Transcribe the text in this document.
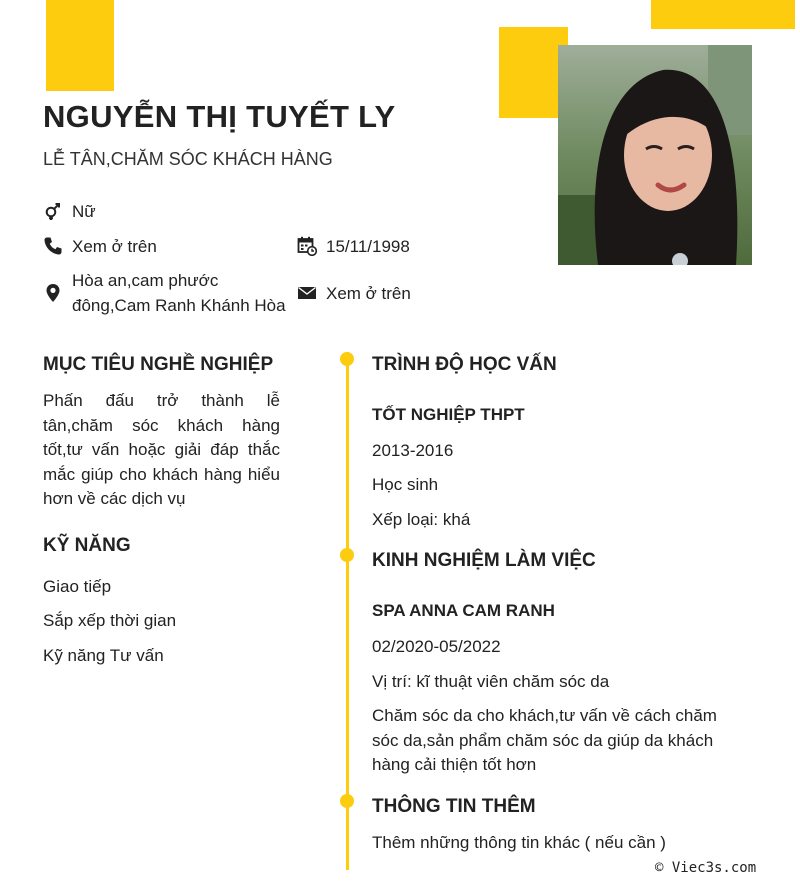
NGUYỄN THỊ TUYẾT LY
LỄ TÂN,CHĂM SÓC KHÁCH HÀNG
Nữ
Xem ở trên	15/11/1998
Hòa an,cam phước
đông,Cam Ranh Khánh Hòa
Xem ở trên
MỤC TIÊU NGHỀ NGHIỆP
Phấn đấu trở thành lễ tân,chăm sóc khách hàng tốt,tư vấn hoặc giải đáp thắc mắc giúp cho khách hàng hiểu hơn về các dịch vụ
KỸ NĂNG
Giao tiếp
Sắp xếp thời gian
Kỹ năng Tư vấn
TRÌNH ĐỘ HỌC VẤN
TỐT NGHIỆP THPT
2013-2016
Học sinh
Xếp loại: khá
KINH NGHIỆM LÀM VIỆC
SPA ANNA CAM RANH
02/2020-05/2022
Vị trí: kĩ thuật viên chăm sóc da
Chăm sóc da cho khách,tư vấn về cách chăm sóc da,sản phẩm chăm sóc da giúp da khách hàng cải thiện tốt hơn
THÔNG TIN THÊM
Thêm những thông tin khác ( nếu cần )
© Viec3s.com
